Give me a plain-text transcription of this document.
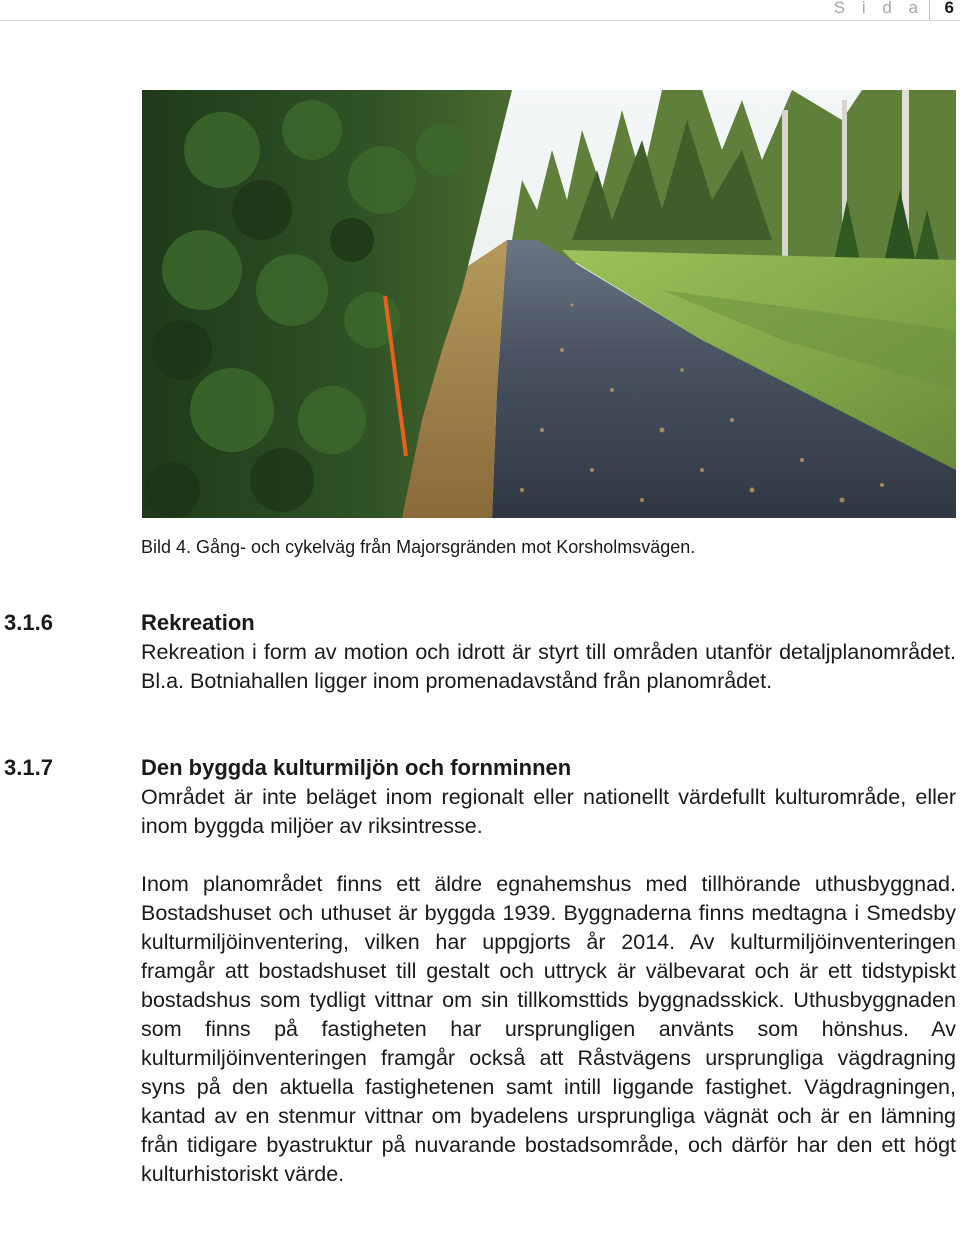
S i d a 6
Bild 4. Gång- och cykelväg från Majorsgränden mot Korsholmsvägen.
3.1.6	Rekreation

Rekreation i form av motion och idrott är styrt till områden utanför detaljplanområdet. Bl.a. Botniahallen ligger inom promenadavstånd från planområdet.

3.1.7	Den byggda kulturmiljön och fornminnen

Området är inte beläget inom regionalt eller nationellt värdefullt kulturområde, eller inom byggda miljöer av riksintresse.

Inom planområdet finns ett äldre egnahemshus med tillhörande uthusbyggnad. Bostadshuset och uthuset är byggda 1939. Byggnaderna finns medtagna i Smedsby kulturmiljöinventering, vilken har uppgjorts år 2014. Av kulturmiljöinventeringen framgår att bostadshuset till gestalt och uttryck är välbevarat och är ett tidstypiskt bostadshus som tydligt vittnar om sin tillkomsttids byggnadsskick. Uthusbyggnaden som finns på fastigheten har ursprungligen använts som hönshus. Av kulturmiljöinventeringen framgår också att Råstvägens ursprungliga vägdragning syns på den aktuella fastighetenen samt intill liggande fastighet. Vägdragningen, kantad av en stenmur vittnar om byadelens ursprungliga vägnät och är en lämning från tidigare byastruktur på nuvarande bostadsområde, och därför har den ett högt kulturhistoriskt värde.
